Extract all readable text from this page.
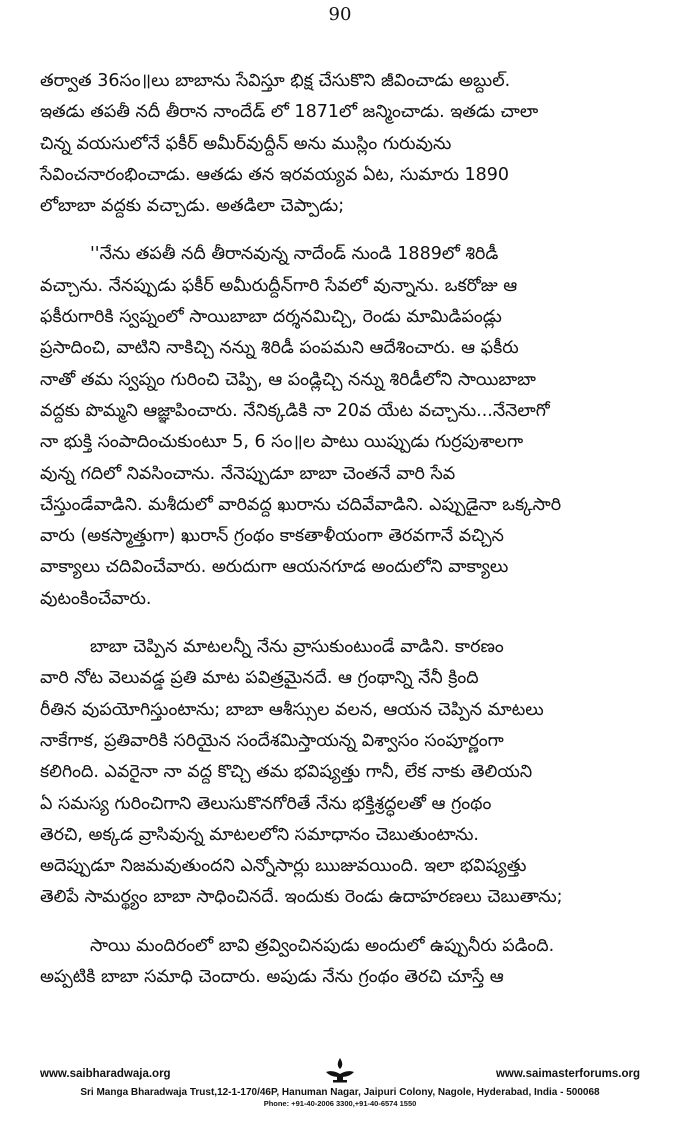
90

తర్వాత 36సం॥లు బాబాను సేవిస్తూ భిక్ష చేసుకొని జీవించాడు అబ్దుల్.
ఇతడు తపతీ నదీ తీరాన నాందేడ్ లో 1871లో జన్మించాడు. ఇతడు చాలా
చిన్న వయసులోనే ఫకీర్ అమీర్‌వుద్దీన్ అను ముస్లిం గురువును
సేవించనారంభించాడు. ఆతడు తన ఇరవయ్యవ ఏట, సుమారు 1890
లోబాబా వద్దకు వచ్చాడు. అతడిలా చెప్పాడు;

''నేను తపతీ నదీ తీరానవున్న నాదేండ్ నుండి 1889లో శిరిడీ
వచ్చాను. నేనప్పుడు ఫకీర్ అమీరుద్దీన్‌గారి సేవలో వున్నాను. ఒకరోజు ఆ
ఫకీరుగారికి స్వప్నంలో సాయిబాబా దర్శనమిచ్చి, రెండు మామిడిపండ్లు
ప్రసాదించి, వాటిని నాకిచ్చి నన్ను శిరిడీ పంపమని ఆదేశించారు. ఆ ఫకీరు
నాతో తమ స్వప్నం గురించి చెప్పి, ఆ పండ్లిచ్చి నన్ను శిరిడీలోని సాయిబాబా
వద్దకు పొమ్మని ఆజ్ఞాపించారు. నేనిక్కడికి నా 20వ యేట వచ్చాను...నేనెలాగో
నా భుక్తి సంపాదించుకుంటూ 5, 6 సం॥ల పాటు యిప్పుడు గుర్రపుశాలగా
వున్న గదిలో నివసించాను. నేనెప్పుడూ బాబా చెంతనే వారి సేవ
చేస్తుండేవాడిని. మశీదులో వారివద్ద ఖురాను చదివేవాడిని. ఎప్పుడైనా ఒక్కసారి
వారు (అకస్మాత్తుగా) ఖురాన్ గ్రంథం కాకతాళీయంగా తెరవగానే వచ్చిన
వాక్యాలు చదివించేవారు. అరుదుగా ఆయనగూడ అందులోని వాక్యాలు
వుటంకించేవారు.

బాబా చెప్పిన మాటలన్నీ నేను వ్రాసుకుంటుండే వాడిని. కారణం
వారి నోట వెలువడ్డ ప్రతి మాట పవిత్రమైనదే. ఆ గ్రంథాన్ని నేనీ క్రింది
రీతిన వుపయోగిస్తుంటాను; బాబా ఆశీస్సుల వలన, ఆయన చెప్పిన మాటలు
నాకేగాక, ప్రతివారికి సరియైన సందేశమిస్తాయన్న విశ్వాసం సంపూర్ణంగా
కలిగింది. ఎవరైనా నా వద్ద కొచ్చి తమ భవిష్యత్తు గానీ, లేక నాకు తెలియని
ఏ సమస్య గురించిగాని తెలుసుకొనగోరితే నేను భక్తిశ్రద్ధలతో ఆ గ్రంథం
తెరచి, అక్కడ వ్రాసివున్న మాటలలోని సమాధానం చెబుతుంటాను.
అదెప్పుడూ నిజమవుతుందని ఎన్నోసార్లు ఋజువయింది. ఇలా భవిష్యత్తు
తెలిపే సామర్థ్యం బాబా సాధించినదే. ఇందుకు రెండు ఉదాహరణలు చెబుతాను;

సాయి మందిరంలో బావి త్రవ్వించినపుడు అందులో ఉప్పునీరు పడింది.
అప్పటికి బాబా సమాధి చెందారు. అపుడు నేను గ్రంథం తెరచి చూస్తే ఆ

www.saibharadwaja.org	www.saimasterforums.org
Sri Manga Bharadwaja Trust,12-1-170/46P, Hanuman Nagar, Jaipuri Colony, Nagole, Hyderabad, India - 500068
Phone: +91-40-2006 3300,+91-40-6574 1550
